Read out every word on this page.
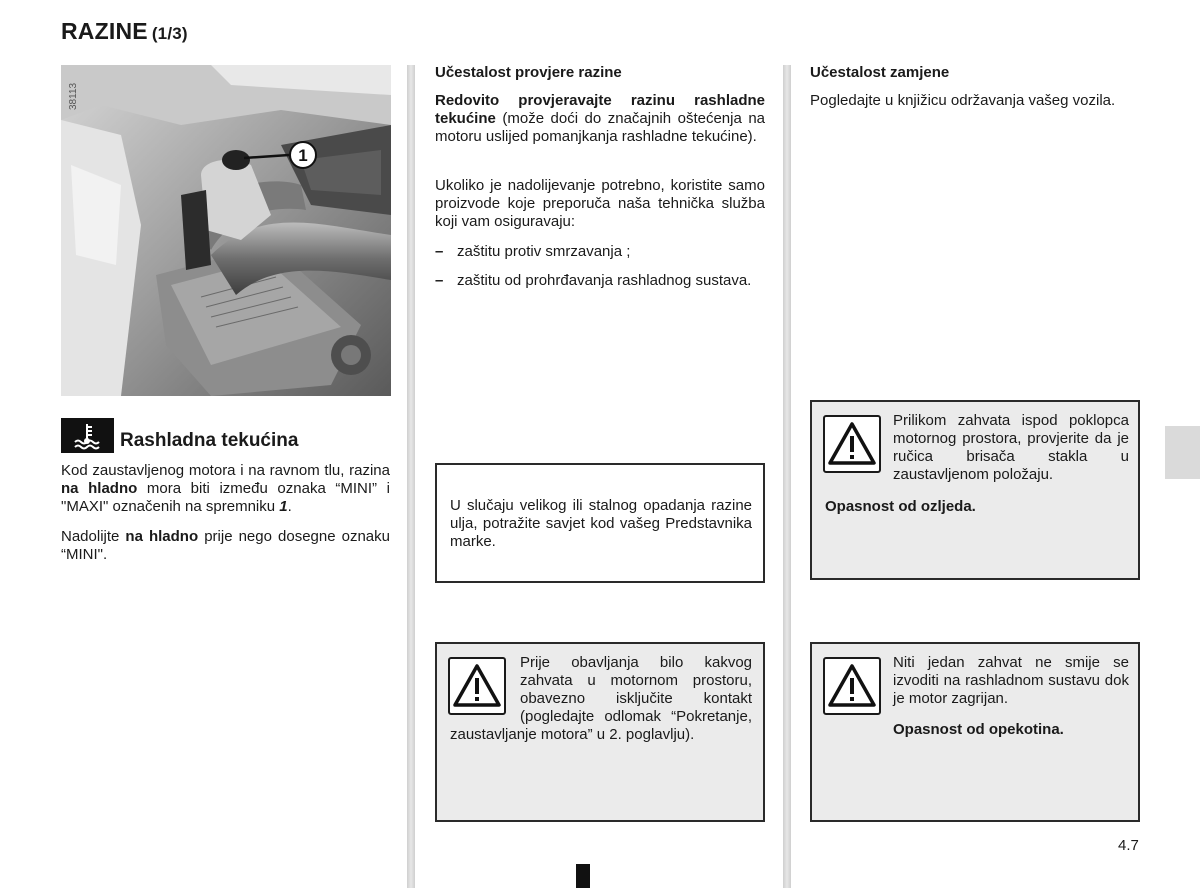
RAZINE (1/3)
1
38113
Rashladna tekućina
Kod zaustavljenog motora i na ravnom tlu, razina na hladno mora biti između oznaka “MINI” i "MAXI" označenih na spremniku 1.
Nadolijte na hladno prije nego dosegne oznaku “MINI".
Učestalost provjere razine
Redovito provjeravajte razinu rashladne tekućine (može doći do značajnih oštećenja na motoru uslijed pomanjkanja rashladne tekućine).
Ukoliko je nadolijevanje potrebno, koristite samo proizvode koje preporuča naša tehnička služba koji vam osiguravaju:
– zaštitu protiv smrzavanja ;
– zaštitu od prohrđavanja rashladnog sustava.
U slučaju velikog ili stalnog opadanja razine ulja, potražite savjet kod vašeg Predstavnika marke.
Prije obavljanja bilo kakvog zahvata u motornom prostoru, obavezno isključite kontakt (pogledajte odlomak “Pokretanje, zaustavljanje motora” u 2. poglavlju).
Učestalost zamjene
Pogledajte u knjižicu održavanja vašeg vozila.
Prilikom zahvata ispod poklopca motornog prostora, provjerite da je ručica brisača stakla u zaustavljenom položaju.
Opasnost od ozljeda.
Niti jedan zahvat ne smije se izvoditi na rashladnom sustavu dok je motor zagrijan.
Opasnost od opekotina.
4.7
